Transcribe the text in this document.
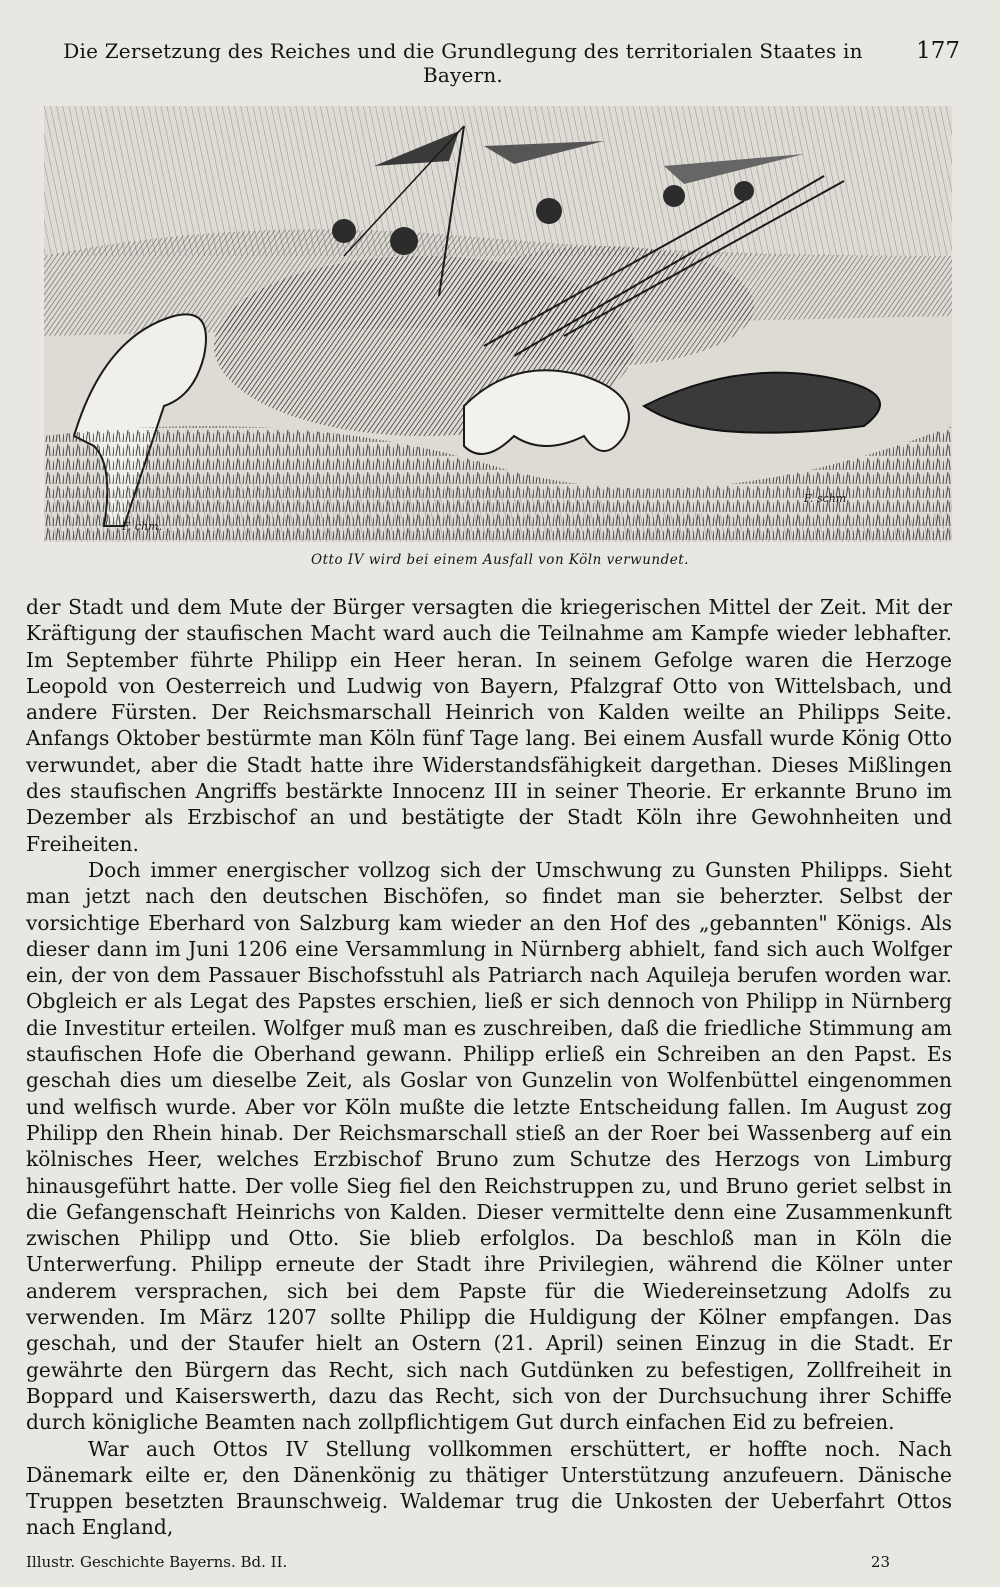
Die Zersetzung des Reiches und die Grundlegung des territorialen Staates in Bayern.
177
F. chm.
F. schm
Otto IV wird bei einem Ausfall von Köln verwundet.

der Stadt und dem Mute der Bürger versagten die kriegerischen Mittel der Zeit. Mit der Kräftigung der staufischen Macht ward auch die Teilnahme am Kampfe wieder lebhafter. Im September führte Philipp ein Heer heran. In seinem Gefolge waren die Herzoge Leopold von Oesterreich und Ludwig von Bayern, Pfalzgraf Otto von Wittelsbach, und andere Fürsten. Der Reichsmarschall Heinrich von Kalden weilte an Philipps Seite. Anfangs Oktober bestürmte man Köln fünf Tage lang. Bei einem Ausfall wurde König Otto verwundet, aber die Stadt hatte ihre Widerstandsfähigkeit dargethan. Dieses Mißlingen des staufischen Angriffs bestärkte Innocenz III in seiner Theorie. Er erkannte Bruno im Dezember als Erzbischof an und bestätigte der Stadt Köln ihre Gewohnheiten und Freiheiten.

Doch immer energischer vollzog sich der Umschwung zu Gunsten Philipps. Sieht man jetzt nach den deutschen Bischöfen, so findet man sie beherzter. Selbst der vorsichtige Eberhard von Salzburg kam wieder an den Hof des „gebannten" Königs. Als dieser dann im Juni 1206 eine Versammlung in Nürnberg abhielt, fand sich auch Wolfger ein, der von dem Passauer Bischofsstuhl als Patriarch nach Aquileja berufen worden war. Obgleich er als Legat des Papstes erschien, ließ er sich dennoch von Philipp in Nürnberg die Investitur erteilen. Wolfger muß man es zuschreiben, daß die friedliche Stimmung am staufischen Hofe die Oberhand gewann. Philipp erließ ein Schreiben an den Papst. Es geschah dies um dieselbe Zeit, als Goslar von Gunzelin von Wolfenbüttel eingenommen und welfisch wurde. Aber vor Köln mußte die letzte Entscheidung fallen. Im August zog Philipp den Rhein hinab. Der Reichsmarschall stieß an der Roer bei Wassenberg auf ein kölnisches Heer, welches Erzbischof Bruno zum Schutze des Herzogs von Limburg hinausgeführt hatte. Der volle Sieg fiel den Reichstruppen zu, und Bruno geriet selbst in die Gefangenschaft Heinrichs von Kalden. Dieser vermittelte denn eine Zusammenkunft zwischen Philipp und Otto. Sie blieb erfolglos. Da beschloß man in Köln die Unterwerfung. Philipp erneute der Stadt ihre Privilegien, während die Kölner unter anderem versprachen, sich bei dem Papste für die Wiedereinsetzung Adolfs zu verwenden. Im März 1207 sollte Philipp die Huldigung der Kölner empfangen. Das geschah, und der Staufer hielt an Ostern (21. April) seinen Einzug in die Stadt. Er gewährte den Bürgern das Recht, sich nach Gutdünken zu befestigen, Zollfreiheit in Boppard und Kaiserswerth, dazu das Recht, sich von der Durchsuchung ihrer Schiffe durch königliche Beamten nach zollpflichtigem Gut durch einfachen Eid zu befreien.

War auch Ottos IV Stellung vollkommen erschüttert, er hoffte noch. Nach Dänemark eilte er, den Dänenkönig zu thätiger Unterstützung anzufeuern. Dänische Truppen besetzten Braunschweig. Waldemar trug die Unkosten der Ueberfahrt Ottos nach England,

Illustr. Geschichte Bayerns. Bd. II.	23
